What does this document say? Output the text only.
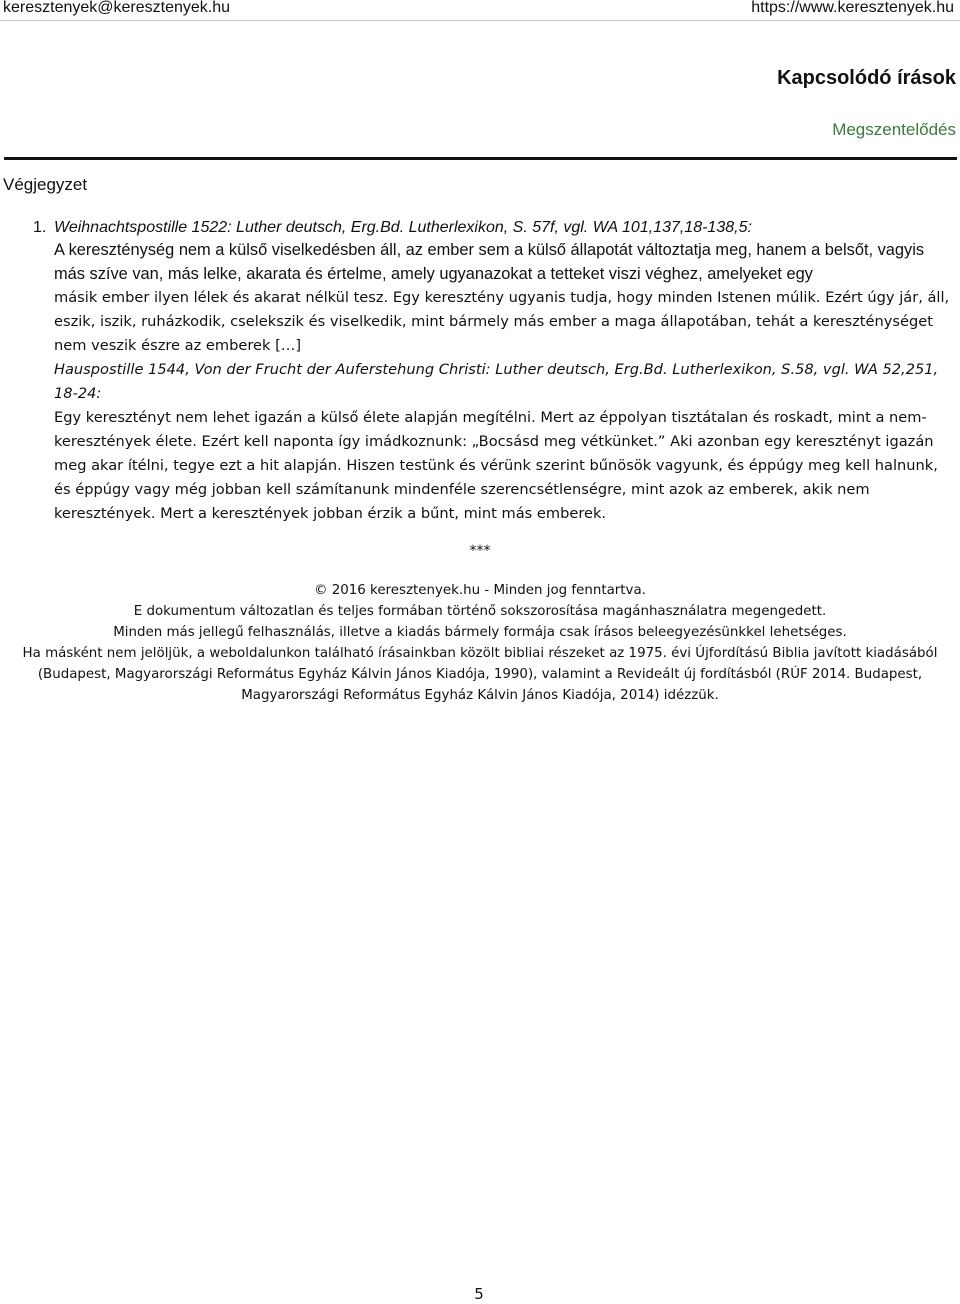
keresztenyek@keresztenyek.hu	https://www.keresztenyek.hu
Kapcsolódó írások
Megszentelődés
Végjegyzet
1. Weihnachtspostille 1522: Luther deutsch, Erg.Bd. Lutherlexikon, S. 57f, vgl. WA 101,137,18-138,5:

A kereszténység nem a külső viselkedésben áll, az ember sem a külső állapotát változtatja meg, hanem a belsőt, vagyis más szíve van, más lelke, akarata és értelme, amely ugyanazokat a tetteket viszi véghez, amelyeket egy

másik ember ilyen lélek és akarat nélkül tesz. Egy keresztény ugyanis tudja, hogy minden Istenen múlik. Ezért úgy jár, áll, eszik, iszik, ruházkodik, cselekszik és viselkedik, mint bármely más ember a maga állapotában, tehát a kereszténységet nem veszik észre az emberek […]

Hauspostille 1544, Von der Frucht der Auferstehung Christi: Luther deutsch, Erg.Bd. Lutherlexikon, S.58, vgl. WA 52,251, 18-24:

Egy keresztényt nem lehet igazán a külső élete alapján megítélni. Mert az éppolyan tisztátalan és roskadt, mint a nem-keresztények élete. Ezért kell naponta így imádkoznunk: „Bocsásd meg vétkünket.” Aki azonban egy keresztényt igazán meg akar ítélni, tegye ezt a hit alapján. Hiszen testünk és vérünk szerint bűnösök vagyunk, és éppúgy meg kell halnunk, és éppúgy vagy még jobban kell számítanunk mindenféle szerencsétlenségre, mint azok az emberek, akik nem keresztények. Mert a keresztények jobban érzik a bűnt, mint más emberek.

***

© 2016 keresztenyek.hu - Minden jog fenntartva.

E dokumentum változatlan és teljes formában történő sokszorosítása magánhasználatra megengedett.

Minden más jellegű felhasználás, illetve a kiadás bármely formája csak írásos beleegyezésünkkel lehetséges.

Ha másként nem jelöljük, a weboldalunkon található írásainkban közölt bibliai részeket az 1975. évi Újfordítású Biblia javított kiadásából (Budapest, Magyarországi Református Egyház Kálvin János Kiadója, 1990), valamint a Revideált új fordításból (RÚF 2014. Budapest, Magyarországi Református Egyház Kálvin János Kiadója, 2014) idézzük.

5
